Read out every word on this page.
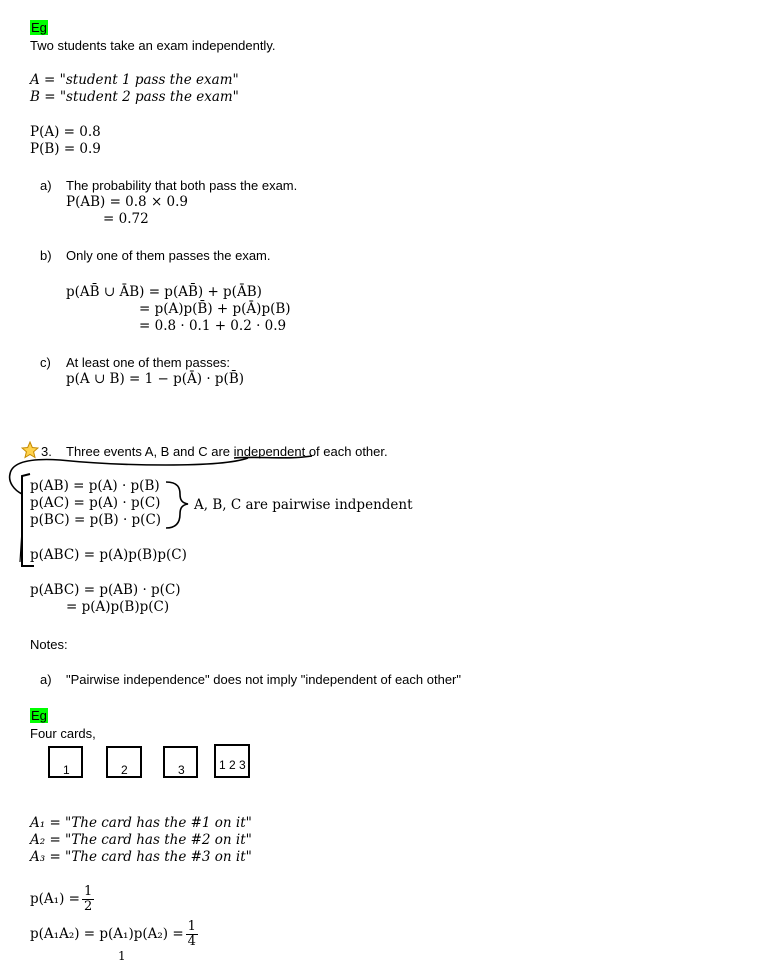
Eg
Two students take an exam independently.
A = "student 1 pass the exam"
B = "student 2 pass the exam"
P(A) = 0.8
P(B) = 0.9
a) The probability that both pass the exam.
P(AB) = 0.8 × 0.9
= 0.72
b) Only one of them passes the exam.
p(AB̄ ∪ ĀB) = p(AB̄) + p(ĀB)
= p(A)p(B̄) + p(Ā)p(B)
= 0.8 · 0.1 + 0.2 · 0.9
c) At least one of them passes:
p(A ∪ B) = 1 − p(Ā) · p(B̄)
3. Three events A, B and C are independent of each other.
p(AB) = p(A) · p(B)
p(AC) = p(A) · p(C)
p(BC) = p(B) · p(C)
A, B, C are pairwise indpendent
p(ABC) = p(A)p(B)p(C)
p(ABC) = p(AB) · p(C)
= p(A)p(B)p(C)
Notes:
a) "Pairwise independence" does not imply "independent of each other"
Eg
Four cards,
1	2	3	1 2 3
A₁ = "The card has the #1 on it"
A₂ = "The card has the #2 on it"
A₃ = "The card has the #3 on it"
$p(A_1) = \frac{1}{2}$
$p(A_1A_2) = p(A_1)p(A_2) = \frac{1}{4}$
1
